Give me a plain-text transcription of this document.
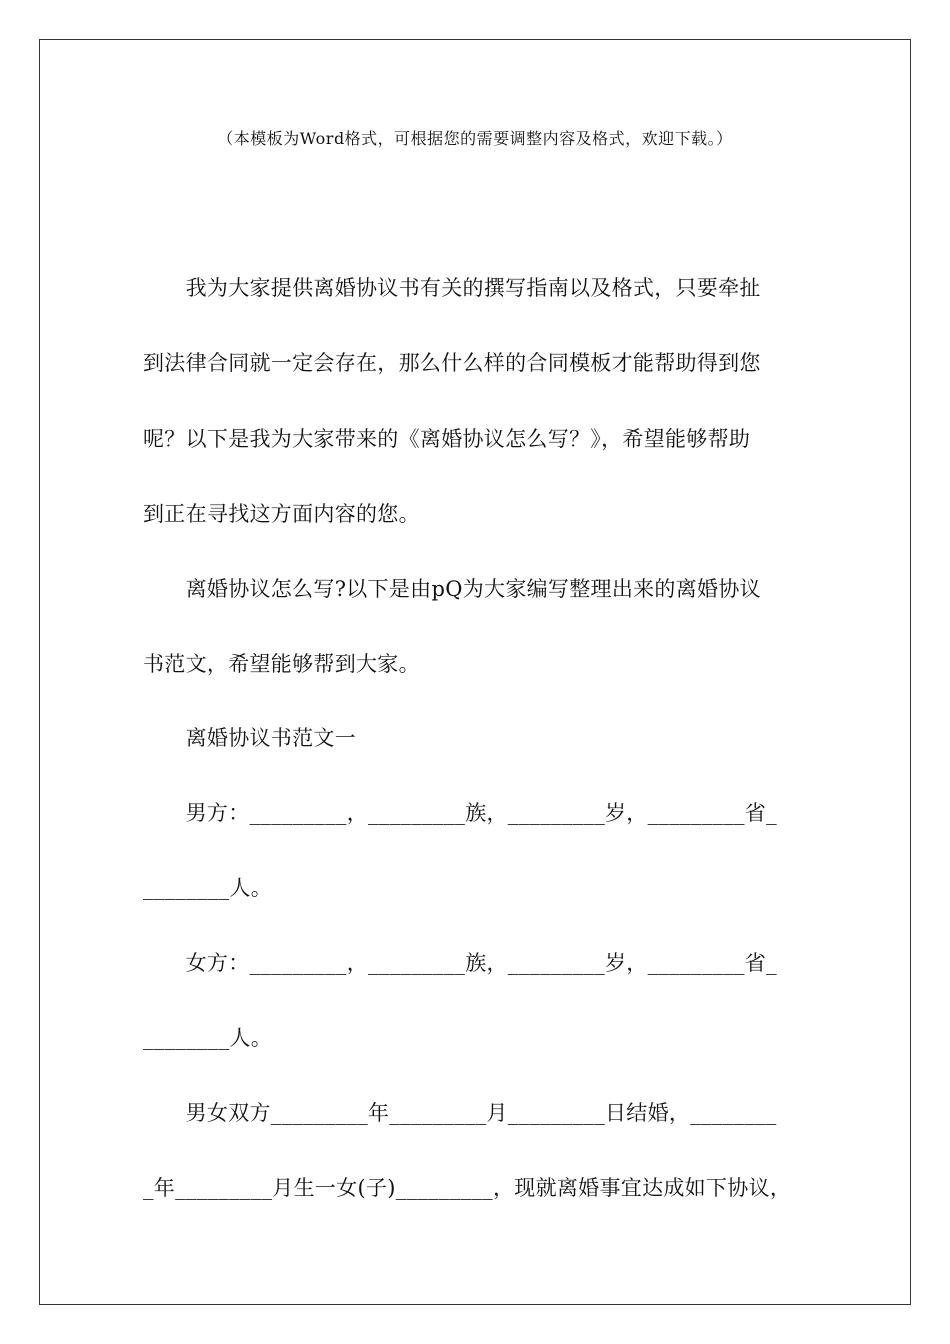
（本模板为Word格式，可根据您的需要调整内容及格式，欢迎下载。）
　　我为大家提供离婚协议书有关的撰写指南以及格式，只要牵扯
到法律合同就一定会存在，那么什么样的合同模板才能帮助得到您
呢？以下是我为大家带来的《离婚协议怎么写？》，希望能够帮助
到正在寻找这方面内容的您。
　　离婚协议怎么写?以下是由pQ为大家编写整理出来的离婚协议
书范文，希望能够帮到大家。
　　离婚协议书范文一
　　男方：_________，_________族，_________岁，_________省_
________人。
　　女方：_________，_________族，_________岁，_________省_
________人。
　　男女双方_________年_________月_________日结婚，________
_年_________月生一女(子)_________，现就离婚事宜达成如下协议，
